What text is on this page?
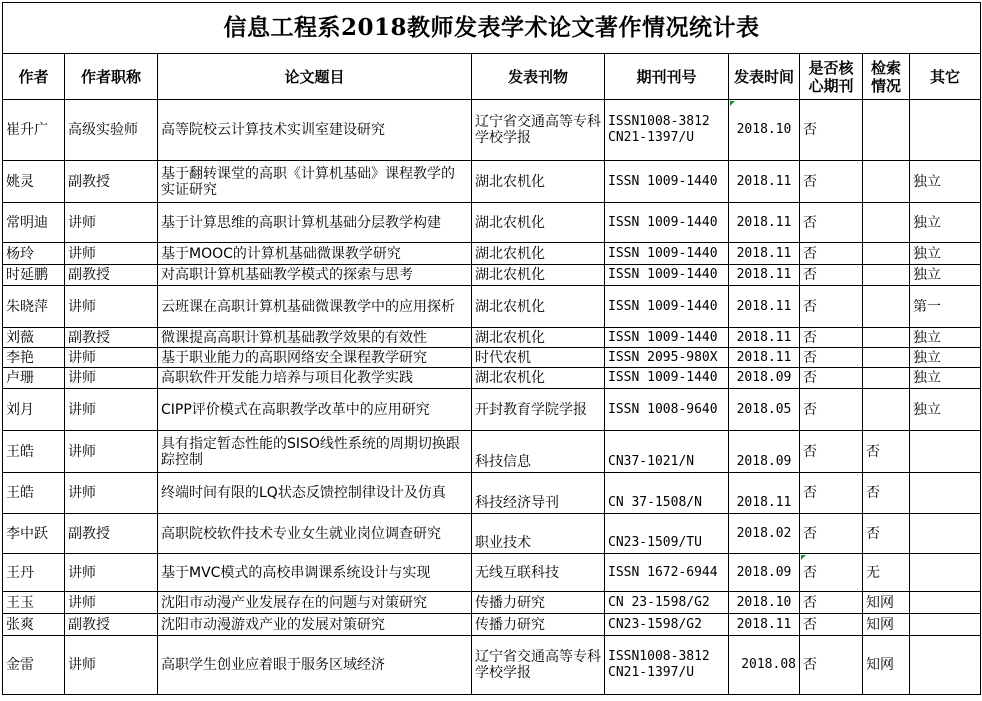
信息工程系2018教师发表学术论文著作情况统计表								
作者	作者职称	论文题目	发表刊物	期刊刊号	发表时间	是否核心期刊	检索情况	其它
崔升广	高级实验师	高等院校云计算技术实训室建设研究	辽宁省交通高等专科学校学报	ISSN1008-3812 CN21-1397/U	2018.10	否		
姚灵	副教授	基于翻转课堂的高职《计算机基础》课程教学的实证研究	湖北农机化	ISSN 1009-1440	2018.11	否		独立
常明迪	讲师	基于计算思维的高职计算机基础分层教学构建	湖北农机化	ISSN 1009-1440	2018.11	否		独立
杨玲	讲师	基于MOOC的计算机基础微课教学研究	湖北农机化	ISSN 1009-1440	2018.11	否		独立
时延鹏	副教授	对高职计算机基础教学模式的探索与思考	湖北农机化	ISSN 1009-1440	2018.11	否		独立
朱晓萍	讲师	云班课在高职计算机基础微课教学中的应用探析	湖北农机化	ISSN 1009-1440	2018.11	否		第一
刘薇	副教授	微课提高高职计算机基础教学效果的有效性	湖北农机化	ISSN 1009-1440	2018.11	否		独立
李艳	讲师	基于职业能力的高职网络安全课程教学研究	时代农机	ISSN 2095-980X	2018.11	否		独立
卢珊	讲师	高职软件开发能力培养与项目化教学实践	湖北农机化	ISSN 1009-1440	2018.09	否		独立
刘月	讲师	CIPP评价模式在高职教学改革中的应用研究	开封教育学院学报	ISSN 1008-9640	2018.05	否		独立
王皓	讲师	具有指定暂态性能的SISO线性系统的周期切换跟踪控制	科技信息	CN37-1021/N	2018.09	否	否	
王皓	讲师	终端时间有限的LQ状态反馈控制律设计及仿真	科技经济导刊	CN 37-1508/N	2018.11	否	否	
李中跃	副教授	高职院校软件技术专业女生就业岗位调查研究	职业技术	CN23-1509/TU	2018.02	否	否	
王丹	讲师	基于MVC模式的高校串调课系统设计与实现	无线互联科技	ISSN 1672-6944	2018.09	否	无	
王玉	讲师	沈阳市动漫产业发展存在的问题与对策研究	传播力研究	CN 23-1598/G2	2018.10	否	知网	
张爽	副教授	沈阳市动漫游戏产业的发展对策研究	传播力研究	CN23-1598/G2	2018.11	否	知网	
金雷	讲师	高职学生创业应着眼于服务区域经济	辽宁省交通高等专科学校学报	ISSN1008-3812 CN21-1397/U	2018.08	否	知网	
